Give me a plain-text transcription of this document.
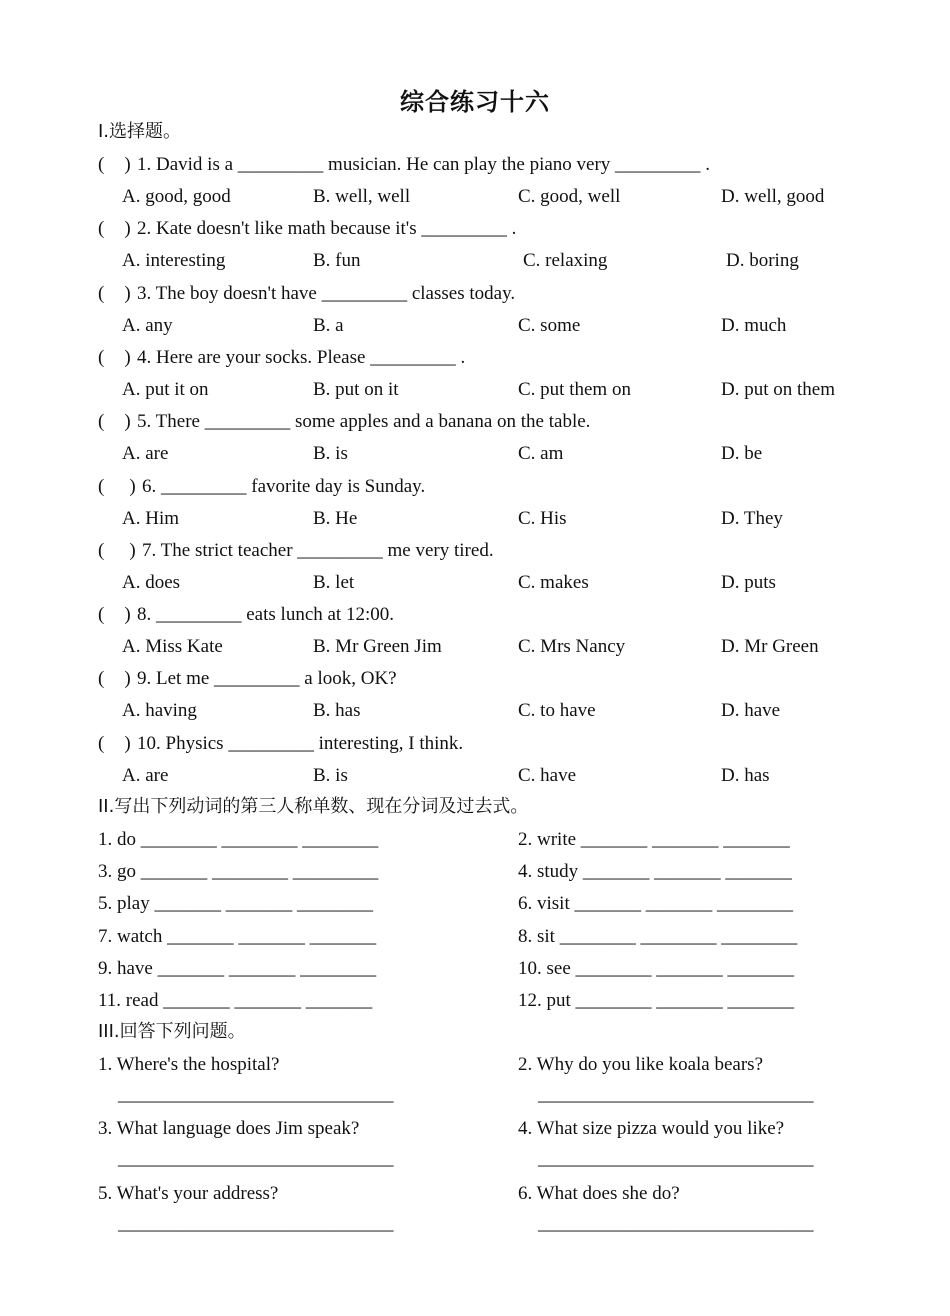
综合练习十六
I.选择题。
( ) 1. David is a _________ musician. He can play the piano very _________ .
A. good, good	B. well, well	C. good, well	D. well, good
( ) 2. Kate doesn't like math because it's _________ .
A. interesting	B. fun	C. relaxing	D. boring
( ) 3. The boy doesn't have _________ classes today.
A. any	B. a	C. some	D. much
( ) 4. Here are your socks. Please _________ .
A. put it on	B. put on it	C. put them on	D. put on them
( ) 5. There _________ some apples and a banana on the table.
A. are	B. is	C. am	D. be
( ) 6. _________ favorite day is Sunday.
A. Him	B. He	C. His	D. They
( ) 7. The strict teacher _________ me very tired.
A. does	B. let	C. makes	D. puts
( ) 8. _________ eats lunch at 12:00.
A. Miss Kate	B. Mr Green Jim	C. Mrs Nancy	D. Mr Green
( ) 9. Let me _________ a look, OK?
A. having	B. has	C. to have	D. have
( ) 10. Physics _________ interesting, I think.
A. are	B. is	C. have	D. has
II.写出下列动词的第三人称单数、现在分词及过去式。
1. do ________ ________ ________	2. write _______ _______ _______
3. go _______ ________ _________	4. study _______ _______ _______
5. play _______ _______ ________	6. visit _______ _______ ________
7. watch _______ _______ _______	8. sit ________ ________ ________
9. have _______ _______ ________	10. see ________ _______ _______
11. read _______ _______ _______	12. put ________ _______ _______
III.回答下列问题。
1. Where's the hospital?
_____________________________
2. Why do you like koala bears?
_____________________________
3. What language does Jim speak?
_____________________________
4. What size pizza would you like?
_____________________________
5. What's your address?
_____________________________
6. What does she do?
_____________________________
